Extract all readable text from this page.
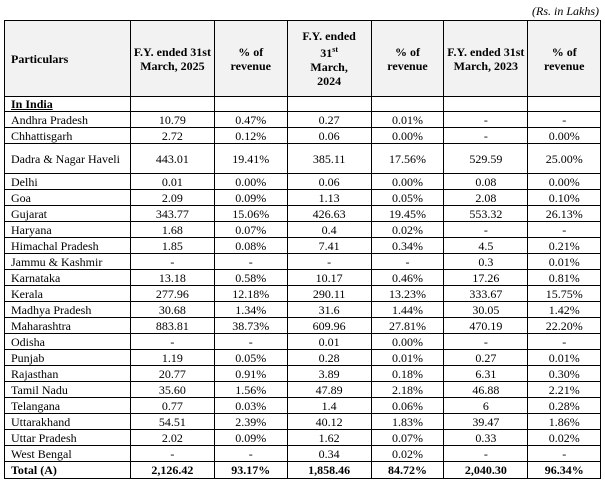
(Rs. in Lakhs)
Particulars	F.Y. ended 31st March, 2025	% of revenue	F.Y. ended
31st
March,
2024	% of revenue	F.Y. ended 31st March, 2023	% of revenue
In India						
Andhra Pradesh	10.79	0.47%	0.27	0.01%	-	-
Chhattisgarh	2.72	0.12%	0.06	0.00%	-	0.00%
Dadra & Nagar Haveli	443.01	19.41%	385.11	17.56%	529.59	25.00%
Delhi	0.01	0.00%	0.06	0.00%	0.08	0.00%
Goa	2.09	0.09%	1.13	0.05%	2.08	0.10%
Gujarat	343.77	15.06%	426.63	19.45%	553.32	26.13%
Haryana	1.68	0.07%	0.4	0.02%	-	-
Himachal Pradesh	1.85	0.08%	7.41	0.34%	4.5	0.21%
Jammu & Kashmir	-	-	-	-	0.3	0.01%
Karnataka	13.18	0.58%	10.17	0.46%	17.26	0.81%
Kerala	277.96	12.18%	290.11	13.23%	333.67	15.75%
Madhya Pradesh	30.68	1.34%	31.6	1.44%	30.05	1.42%
Maharashtra	883.81	38.73%	609.96	27.81%	470.19	22.20%
Odisha	-	-	0.01	0.00%	-	-
Punjab	1.19	0.05%	0.28	0.01%	0.27	0.01%
Rajasthan	20.77	0.91%	3.89	0.18%	6.31	0.30%
Tamil Nadu	35.60	1.56%	47.89	2.18%	46.88	2.21%
Telangana	0.77	0.03%	1.4	0.06%	6	0.28%
Uttarakhand	54.51	2.39%	40.12	1.83%	39.47	1.86%
Uttar Pradesh	2.02	0.09%	1.62	0.07%	0.33	0.02%
West Bengal	-	-	0.34	0.02%	-	-
Total (A)	2,126.42	93.17%	1,858.46	84.72%	2,040.30	96.34%
